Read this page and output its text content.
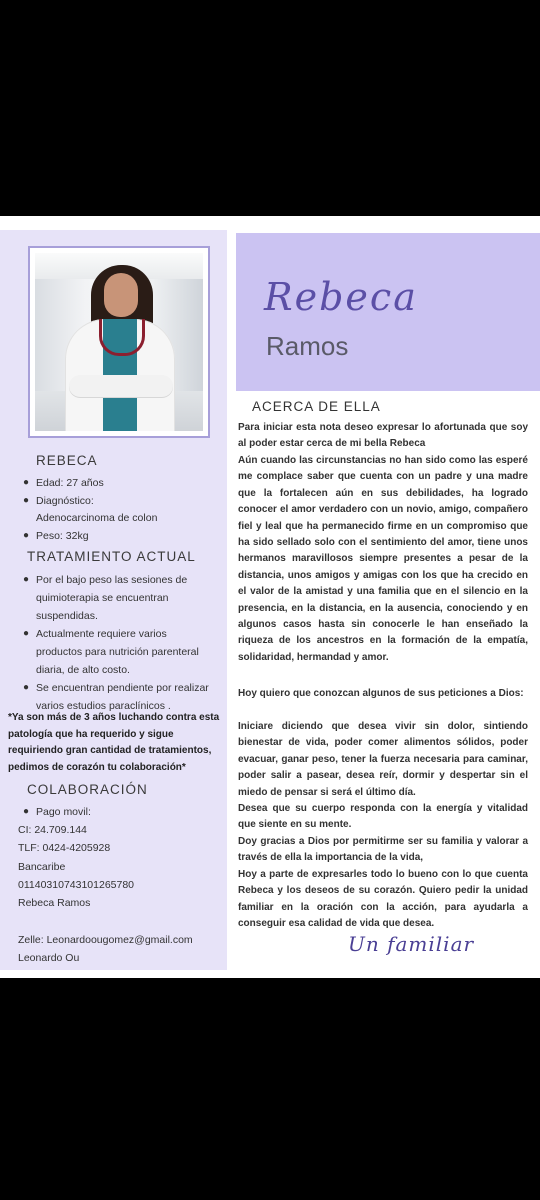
REBECA
● Edad: 27 años
● Diagnóstico:
Adenocarcinoma de colon
● Peso: 32kg
TRATAMIENTO ACTUAL
● Por el bajo peso las sesiones de
quimioterapia se encuentran
suspendidas.
● Actualmente requiere varios
productos para nutrición parenteral
diaria, de alto costo.
● Se encuentran pendiente por realizar
varios estudios paraclínicos .
*Ya son más de 3 años luchando contra esta patología que ha requerido y sigue requiriendo gran cantidad de tratamientos, pedimos de corazón tu colaboración*
COLABORACIÓN
● Pago movil:
CI: 24.709.144
TLF: 0424-4205928
Bancaribe
01140310743101265780
Rebeca Ramos
Zelle: Leonardoougomez@gmail.com
Leonardo Ou
Rebeca
Ramos
ACERCA DE ELLA
Para iniciar esta nota deseo expresar lo afortunada que soy al poder estar cerca de mi bella Rebeca
Aún cuando las circunstancias no han sido como las esperé me complace saber que cuenta con un padre y una madre que la fortalecen aún en sus debilidades, ha logrado conocer el amor verdadero con un novio, amigo, compañero fiel y leal que ha permanecido firme en un compromiso que ha sido sellado solo con el sentimiento del amor, tiene unos hermanos maravillosos siempre presentes a pesar de la distancia, unos amigos y amigas con los que ha crecido en el valor de la amistad y una familia que en el silencio en la presencia, en la distancia, en la ausencia, conociendo y en algunos casos hasta sin conocerle le han enseñado la riqueza de los ancestros en la formación de la empatía, solidaridad, hermandad y amor.
Hoy quiero que conozcan algunos de sus peticiones a Dios:
Iniciare diciendo que desea vivir sin dolor, sintiendo bienestar de vida, poder comer alimentos sólidos, poder evacuar, ganar peso, tener la fuerza necesaria para caminar, poder salir a pasear, desea reír, dormir y despertar sin el miedo de pensar si será el último día.
Desea que su cuerpo responda con la energía y vitalidad que siente en su mente.
Doy gracias a Dios por permitirme ser su familia y valorar a través de ella la importancia de la vida,
Hoy a parte de expresarles todo lo bueno con lo que cuenta Rebeca y los deseos de su corazón. Quiero pedir la unidad familiar en la oración con la acción, para ayudarla a conseguir esa calidad de vida que desea.
Un familiar
